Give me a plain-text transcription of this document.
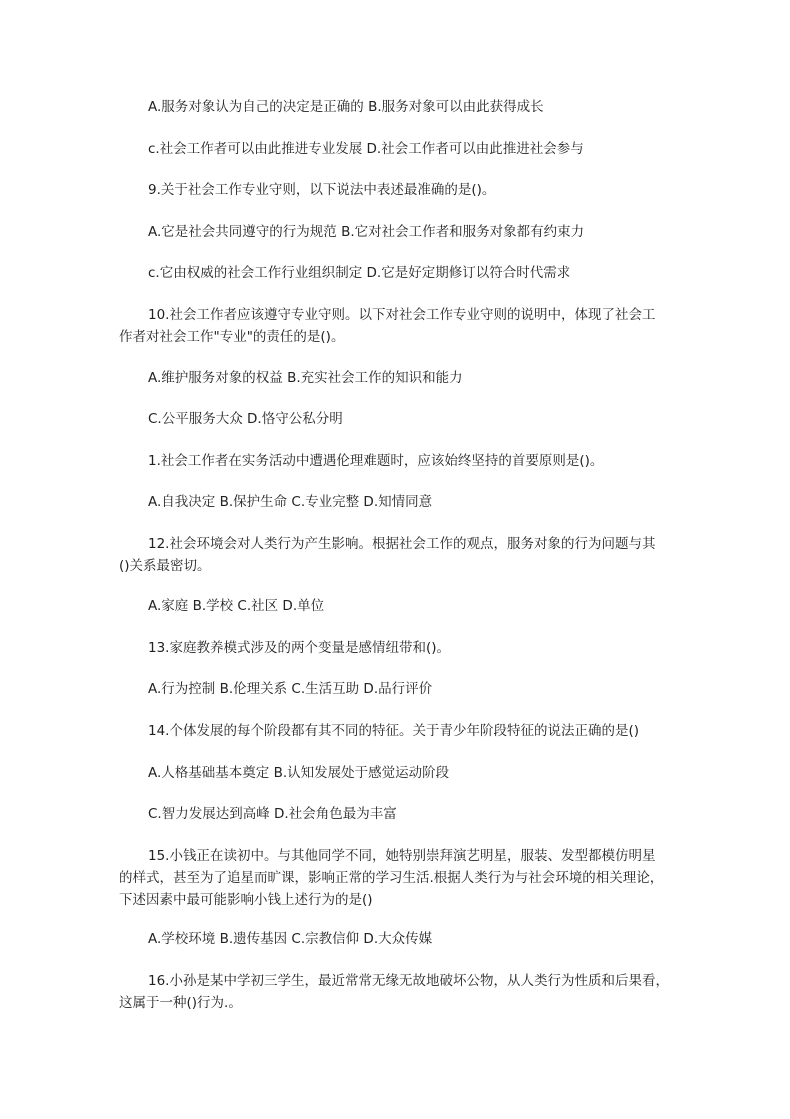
A.服务对象认为自己的决定是正确的 B.服务对象可以由此获得成长
c.社会工作者可以由此推进专业发展 D.社会工作者可以由此推进社会参与
9.关于社会工作专业守则，以下说法中表述最准确的是()。
A.它是社会共同遵守的行为规范 B.它对社会工作者和服务对象都有约束力
c.它由权威的社会工作行业组织制定 D.它是好定期修订以符合时代需求
10.社会工作者应该遵守专业守则。以下对社会工作专业守则的说明中，体现了社会工
作者对社会工作"专业"的责任的是()。
A.维护服务对象的权益 B.充实社会工作的知识和能力
C.公平服务大众 D.恪守公私分明
1.社会工作者在实务活动中遭遇伦理难题时，应该始终坚持的首要原则是()。
A.自我决定 B.保护生命 C.专业完整 D.知情同意
12.社会环境会对人类行为产生影响。根据社会工作的观点，服务对象的行为问题与其
()关系最密切。
A.家庭 B.学校 C.社区 D.单位
13.家庭教养模式涉及的两个变量是感情纽带和()。
A.行为控制 B.伦理关系 C.生活互助 D.品行评价
14.个体发展的每个阶段都有其不同的特征。关于青少年阶段特征的说法正确的是()
A.人格基础基本奠定 B.认知发展处于感觉运动阶段
C.智力发展达到高峰 D.社会角色最为丰富
15.小钱正在读初中。与其他同学不同，她特别崇拜演艺明星，服装、发型都模仿明星
的样式，甚至为了追星而旷课，影响正常的学习生活.根据人类行为与社会环境的相关理论，
下述因素中最可能影响小钱上述行为的是()
A.学校环境 B.遗传基因 C.宗教信仰 D.大众传媒
16.小孙是某中学初三学生，最近常常无缘无故地破坏公物，从人类行为性质和后果看，
这属于一种()行为.。
